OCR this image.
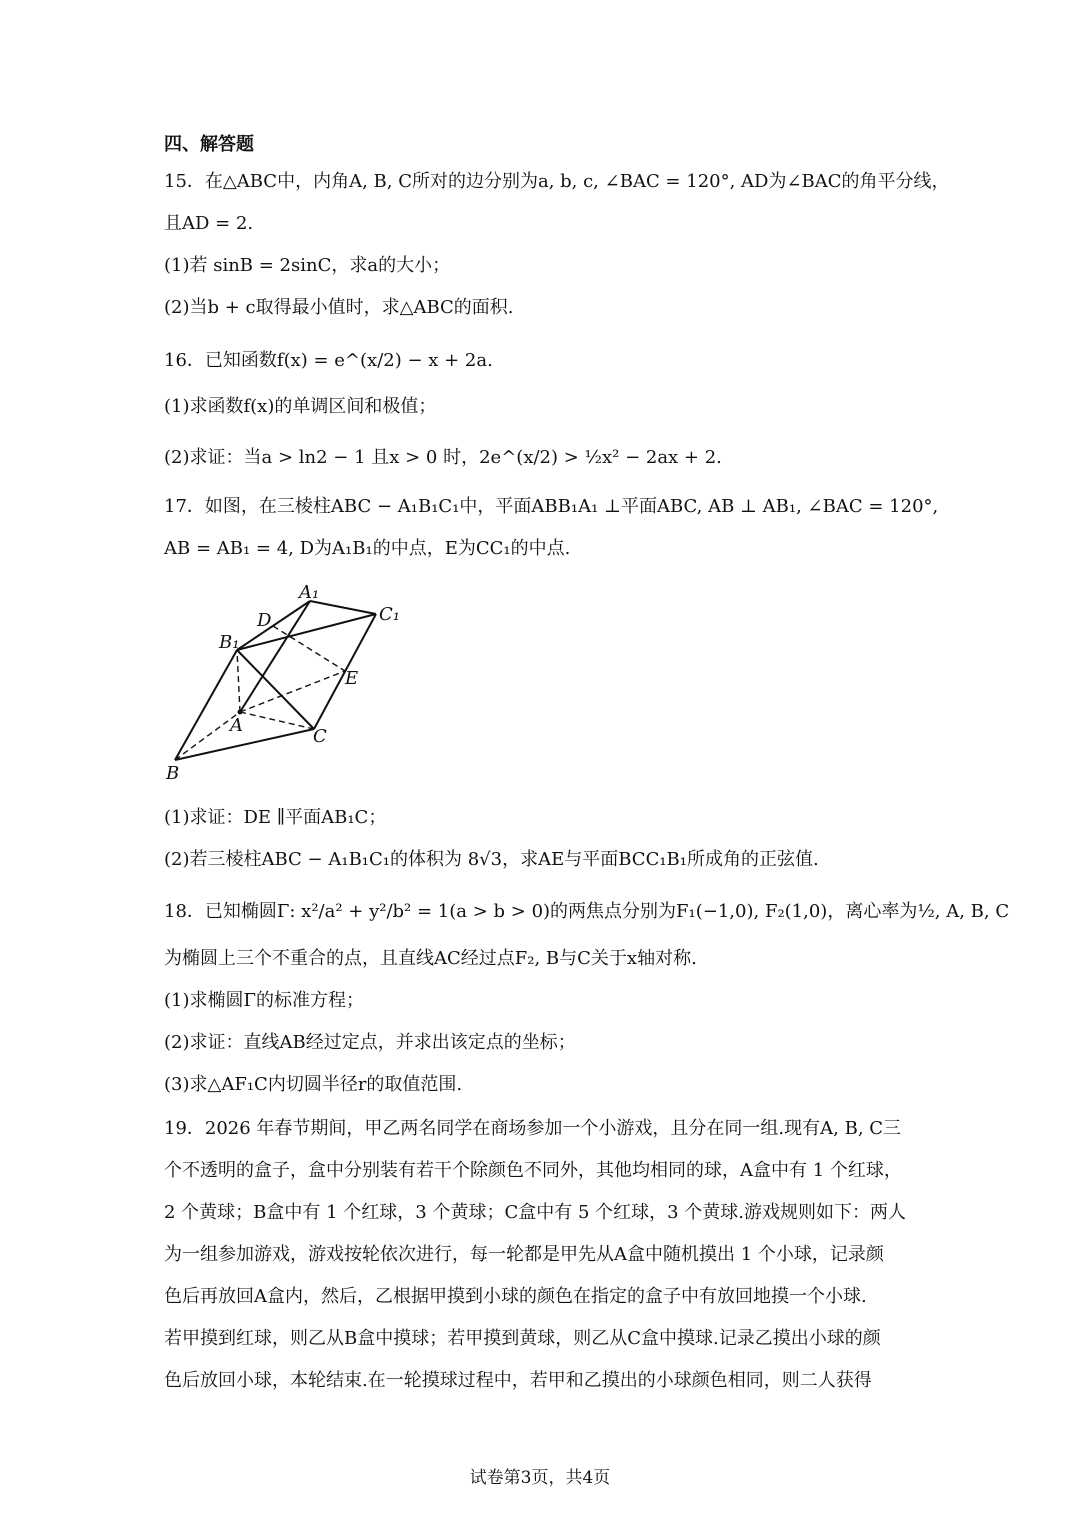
四、解答题
15．在△ABC中，内角A, B, C所对的边分别为a, b, c, ∠BAC = 120°, AD为∠BAC的角平分线，
且AD = 2.
(1)若 sinB = 2sinC，求a的大小；
(2)当b + c取得最小值时，求△ABC的面积.
16．已知函数f(x) = e^(x/2) − x + 2a.
(1)求函数f(x)的单调区间和极值；
(2)求证：当a > ln2 − 1 且x > 0 时，2e^(x/2) > ½x² − 2ax + 2.
17．如图，在三棱柱ABC − A₁B₁C₁中，平面ABB₁A₁ ⊥平面ABC, AB ⊥ AB₁, ∠BAC = 120°,
AB = AB₁ = 4, D为A₁B₁的中点，E为CC₁的中点.
A₁
C₁
D
B₁
E
A
C
B
(1)求证：DE ∥平面AB₁C；
(2)若三棱柱ABC − A₁B₁C₁的体积为 8√3，求AE与平面BCC₁B₁所成角的正弦值.
18．已知椭圆Γ: x²/a² + y²/b² = 1(a > b > 0)的两焦点分别为F₁(−1,0), F₂(1,0)，离心率为½, A, B, C
为椭圆上三个不重合的点，且直线AC经过点F₂, B与C关于x轴对称.
(1)求椭圆Γ的标准方程；
(2)求证：直线AB经过定点，并求出该定点的坐标；
(3)求△AF₁C内切圆半径r的取值范围.
19．2026 年春节期间，甲乙两名同学在商场参加一个小游戏，且分在同一组.现有A, B, C三
个不透明的盒子，盒中分别装有若干个除颜色不同外，其他均相同的球，A盒中有 1 个红球，
2 个黄球；B盒中有 1 个红球，3 个黄球；C盒中有 5 个红球，3 个黄球.游戏规则如下：两人
为一组参加游戏，游戏按轮依次进行，每一轮都是甲先从A盒中随机摸出 1 个小球，记录颜
色后再放回A盒内，然后，乙根据甲摸到小球的颜色在指定的盒子中有放回地摸一个小球.
若甲摸到红球，则乙从B盒中摸球；若甲摸到黄球，则乙从C盒中摸球.记录乙摸出小球的颜
色后放回小球，本轮结束.在一轮摸球过程中，若甲和乙摸出的小球颜色相同，则二人获得
试卷第3页，共4页
